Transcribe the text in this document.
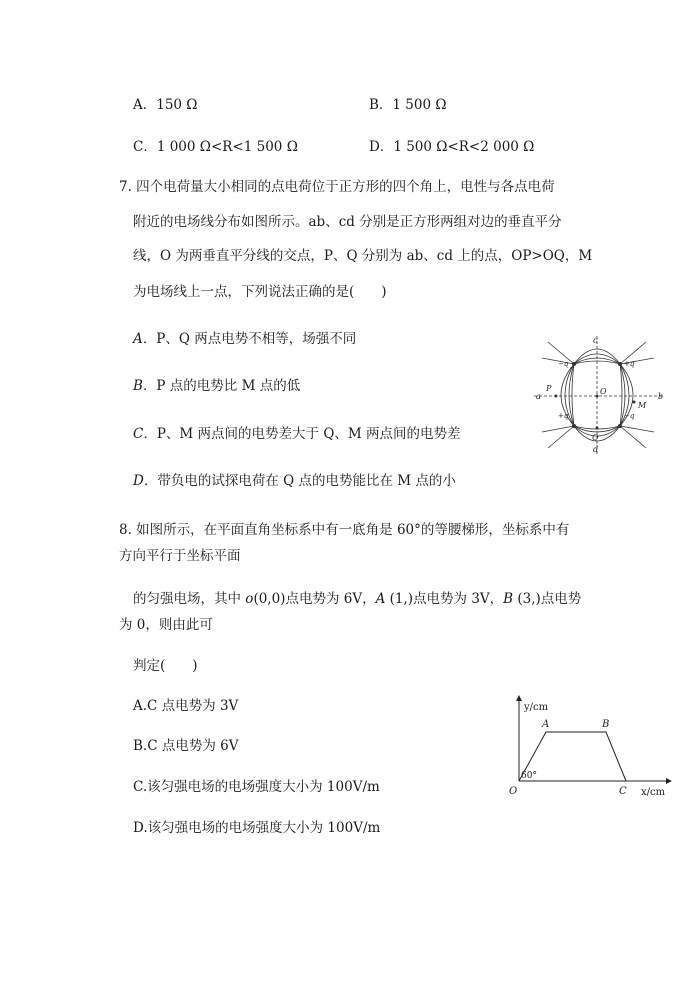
A．150 Ω	B．1 500 Ω
C．1 000 Ω<R<1 500 Ω	D．1 500 Ω<R<2 000 Ω
7. 四个电荷量大小相同的点电荷位于正方形的四个角上，电性与各点电荷
附近的电场线分布如图所示。ab、cd 分别是正方形两组对边的垂直平分
线，O 为两垂直平分线的交点，P、Q 分别为 ab、cd 上的点，OP>OQ，M
为电场线上一点，下列说法正确的是(　　)
A．P、Q 两点电势不相等，场强不同
B．P 点的电势比 M 点的低
C．P、M 两点间的电势差大于 Q、M 两点间的电势差
D．带负电的试探电荷在 Q 点的电势能比在 M 点的小
c
d
a	b
P
Q
O
M
−q	+q
+q	−q
8. 如图所示，在平面直角坐标系中有一底角是 60°的等腰梯形，坐标系中有
方向平行于坐标平面
的匀强电场，其中 o(0,0)点电势为 6V，A (1,)点电势为 3V，B (3,)点电势
为 0，则由此可
判定(　　)
A.C 点电势为 3V
B.C 点电势为 6V
C.该匀强电场的电场强度大小为 100V/m
D.该匀强电场的电场强度大小为 100V/m
y/cm
x/cm
A	B
C
O
60°
